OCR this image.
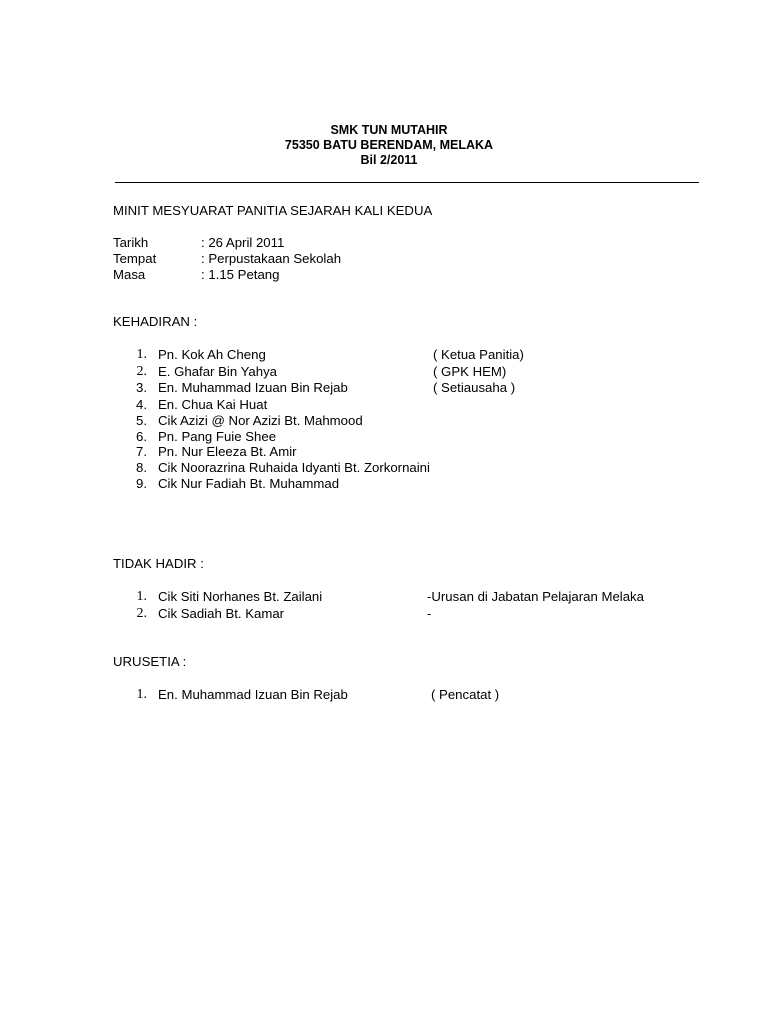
SMK TUN MUTAHIR
75350 BATU BERENDAM, MELAKA
Bil 2/2011
MINIT MESYUARAT PANITIA SEJARAH KALI KEDUA
Tarikh	: 26 April 2011
Tempat	: Perpustakaan Sekolah
Masa	: 1.15 Petang
KEHADIRAN :
1. Pn. Kok Ah Cheng	( Ketua Panitia)
2. E. Ghafar Bin Yahya	( GPK HEM)
3. En. Muhammad Izuan Bin Rejab	( Setiausaha )
4. En. Chua Kai Huat
5. Cik Azizi @ Nor Azizi Bt. Mahmood
6. Pn. Pang Fuie Shee
7. Pn. Nur Eleeza Bt. Amir
8. Cik Noorazrina Ruhaida Idyanti Bt. Zorkornaini
9. Cik Nur Fadiah Bt. Muhammad
TIDAK HADIR :
1. Cik Siti Norhanes Bt. Zailani	-Urusan di Jabatan Pelajaran Melaka
2. Cik Sadiah Bt. Kamar	-
URUSETIA :
1. En. Muhammad Izuan Bin Rejab	( Pencatat )
